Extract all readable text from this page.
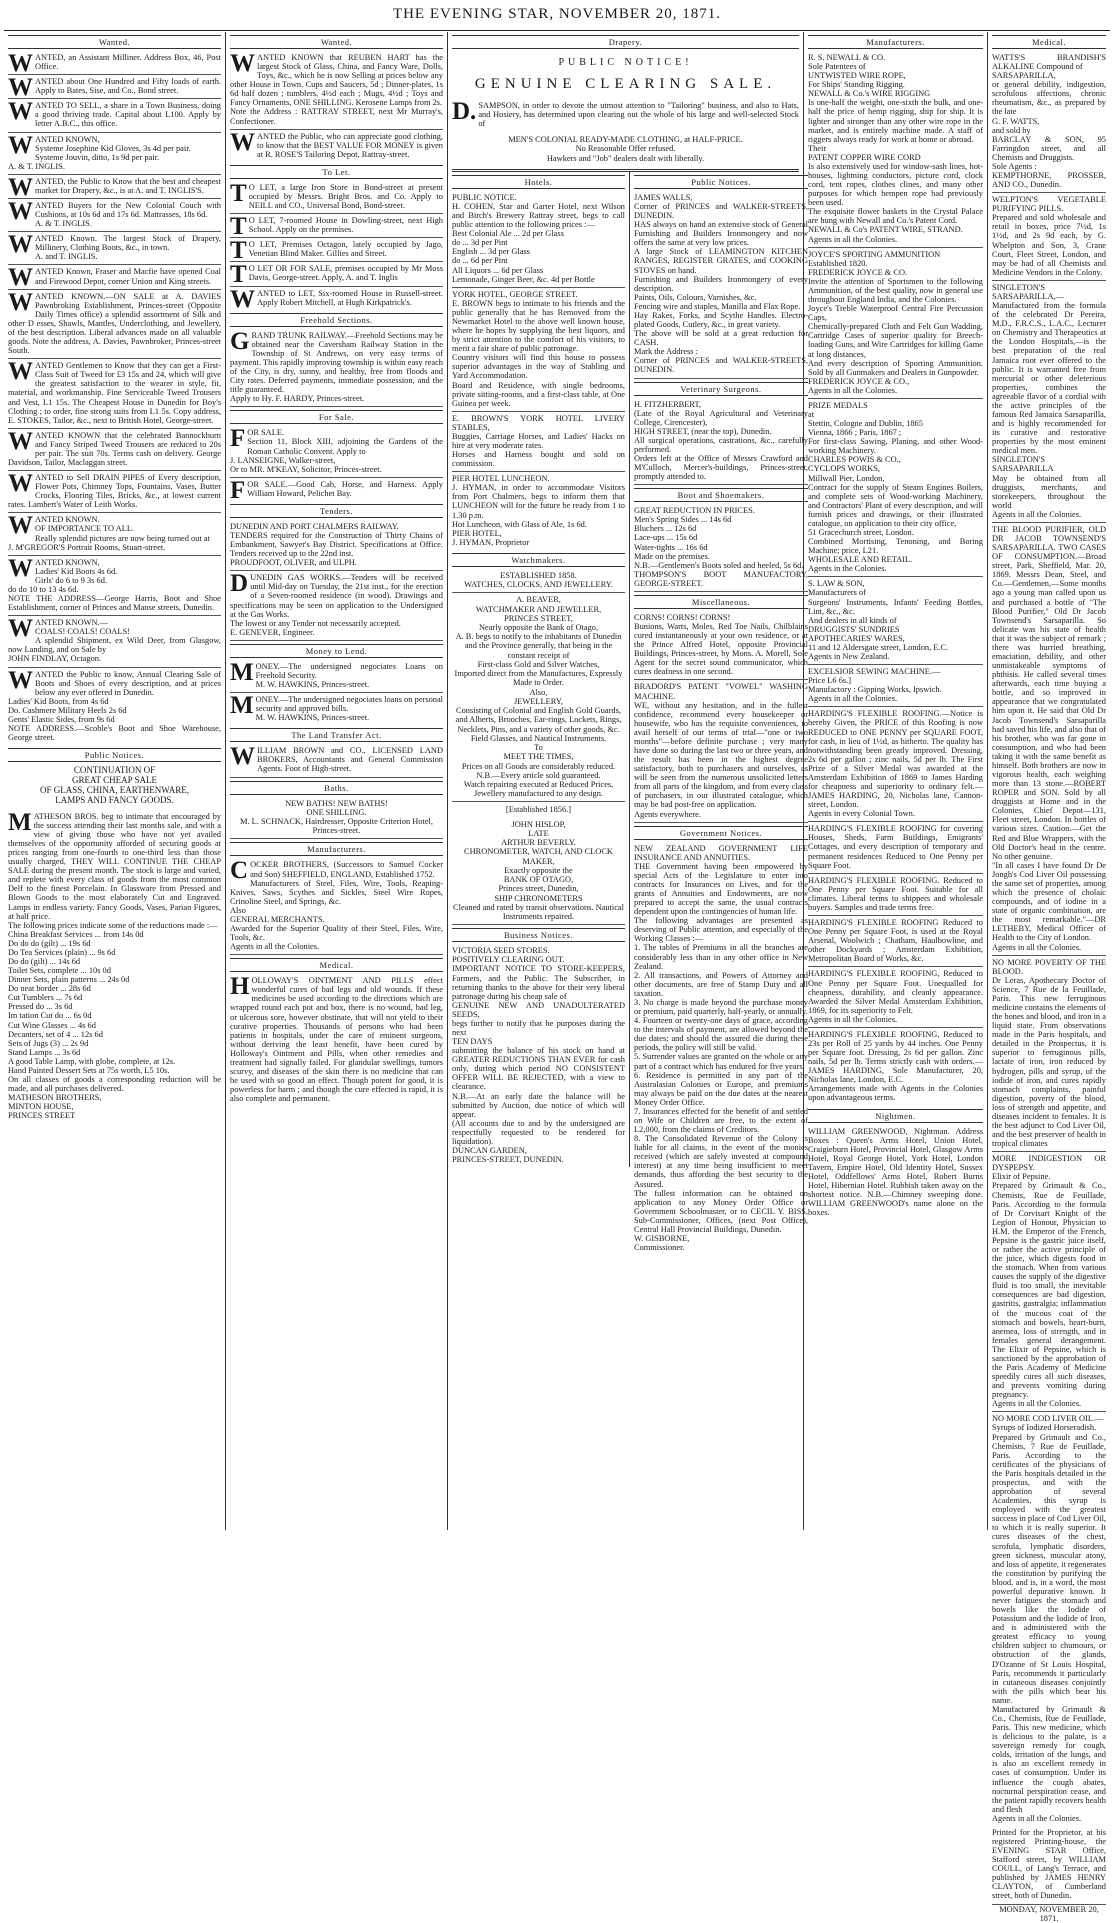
THE EVENING STAR, NOVEMBER 20, 1871.
Wanted.
WANTED, an Assistant Milliner. Address Box, 46, Post Office.
WANTED about One Hundred and Fifty loads of earth. Apply to Bates, Sise, and Co., Bond street.
WANTED TO SELL, a share in a Town Business, doing a good thriving trade. Capital about L100. Apply by letter A.B.C., this office.
WANTED KNOWN,
Systeme Josephine Kid Gloves, 3s 4d per pair.
Systeme Jouvin, ditto, 1s 9d per pair.
A. & T. INGLIS.
WANTED, the Public to Know that the best and cheapest market for Drapery, &c., is at A. and T. INGLIS'S.
WANTED Buyers for the New Colonial Couch with Cushions, at 10s 6d and 17s 6d. Mattrasses, 18s 6d.
A. & T. INGLIS.
WANTED Known. The largest Stock of Drapery, Millinery, Clothing Boots, &c., in town.
A. and T. INGLIS.
WANTED Known, Fraser and Macfie have opened Coal and Firewood Depot, corner Union and King streets.
WANTED KNOWN.—ON SALE at A. DAVIES Pawnbroking Establishment, Princes-street (Opposite Daily Times office) a splendid assortment of Silk and other D esses, Shawls, Mantles, Underclothing, and Jewellery, of the best description. Liberal advances made on all valuable goods. Note the address, A. Davies, Pawnbroker, Princes-street South.
WANTED Gentlemen to Know that they can get a First-Class Suit of Tweed for £3 15s and 24, which will give the greatest satisfaction to the wearer in style, fit, material, and workmanship. Fine Serviceable Tweed Trousers and Vest, L1 15s. The Cheapest House in Dunedin for Boy's Clothing ; to order, fine strong suits from L1 5s. Copy address, E. STOKES, Tailor, &c., next to British Hotel, George-street.
WANTED KNOWN that the celebrated Bannockburn and Fancy Striped Tweed Trousers are reduced to 20s per pair. The suit 70s. Terms cash on delivery. George Davidson, Tailor, Maclaggan street.
WANTED to Sell DRAIN PIPES of Every description, Flower Pots, Chimney Tops, Fountains, Vases, Butter Crocks, Flooring Tiles, Bricks, &c., at lowest current rates. Lambert's Water of Leith Works.
WANTED KNOWN.
OF IMPORTANCE TO ALL.
Really splendid pictures are now being turned out at
J. M'GREGOR'S Portrait Rooms, Stuart-street.
WANTED KNOWN,
Ladies' Kid Boots 4s 6d.
Girls' do 6 to 9 3s 6d.
do do 10 to 13 4s 6d.
NOTE THE ADDRESS—George Harris, Boot and Shoe Establishment, corner of Princes and Manse streets, Dunedin.
WANTED KNOWN.—
COALS! COALS! COALS!
A splendid Shipment, ex Wild Deer, from Glasgow, now Landing, and on Sale by
JOHN FINDLAY, Octagon.
WANTED the Public to know, Annual Clearing Sale of Boots and Shoes of every description, and at prices below any ever offered in Dunedin.
Ladies' Kid Boots, from 4s 6d
Do. Cashmere Military Heels 2s 6d
Gents' Elastic Sides, from 9s 6d
NOTE ADDRESS.—Scoble's Boot and Shoe Warehouse, George street.
Public Notices.
CONTINUATION OF
GREAT CHEAP SALE
OF GLASS, CHINA, EARTHENWARE,
LAMPS AND FANCY GOODS.
MATHESON BROS. beg to intimate that encouraged by the success attending their last months sale, and with a view of giving those who have not yet availed themselves of the opportunity afforded of securing goods at prices ranging from one-fourth to one-third less than those usually charged, THEY WILL CONTINUE THE CHEAP SALE during the present month. The stock is large and varied, and replete with every class of goods from the most common Delf to the finest Porcelain. In Glassware from Pressed and Blown Goods to the most elaborately Cut and Engraved. Lamps in endless variety. Fancy Goods, Vases, Parian Figures, at half price.
The following prices indicate some of the reductions made :—
China Breakfast Services ... from 14s 0d
Do do do (gilt) ... 19s 6d
Do Tea Services (plain) ... 9s 6d
Do do (gilt) ... 14s 6d
Toilet Sets, complete ... 10s 0d
Dinner Sets, plain patterns ... 24s 0d
Do neat border ... 28s 6d
Cut Tumblers ... 7s 6d
Pressed do ... 3s 6d
Im tation Cut do ... 6s 0d
Cut Wine Glasses ... 4s 6d
Decanters, set of 4 ... 12s 6d
Sets of Jugs (3) ... 2s 9d
Stand Lamps ... 3s 6d
A good Table Lamp, with globe, complete, at 12s.
Hand Painted Dessert Sets at 75s worth, L5 10s.
On all classes of goods a corresponding reduction will be made, and all purchases delivered.
MATHESON BROTHERS,
MINTON HOUSE,
PRINCES STREET
Wanted.
WANTED KNOWN that REUBEN HART has the largest Stock of Glass, China, and Fancy Ware, Dolls, Toys, &c., which he is now Selling at prices below any other House in Town. Cups and Saucers, 5d ; Dinner-plates, 1s 6d half dozen ; tumblers, 4½d each ; Mugs, 4½d ; Toys and Fancy Ornaments, ONE SHILLING. Kerosene Lamps from 2s.
Note the Address : RATTRAY STREET, next Mr Murray's, Confectioner.
WANTED the Public, who can appreciate good clothing, to know that the BEST VALUE FOR MONEY is given at R. ROSE'S Tailoring Depot, Rattray-street.
To Let.
T O LET, a large Iron Store in Bond-street at present occupied by Messrs. Bright Bros. and Co. Apply to NEILL and CO., Universal Bond, Bond-street.
T O LET, 7-roomed House in Dowling-street, next High School. Apply on the premises.
T O LET, Premises Octagon, lately occupied by Jago, Venetian Blind Maker. Gillies and Street.
T O LET OR FOR SALE, premises occupied by Mr Moss Davis, George-street. Apply, A. and T. Inglis
WANTED to LET, Six-roomed House in Russell-street. Apply Robert Mitchell, at Hugh Kirkpatrick's.
Freehold Sections.
GRAND TRUNK RAILWAY.—Freehold Sections may be obtained near the Caversham Railway Station in the Township of St Andrews, on very easy terms of payment. This rapidly improving township is within easy reach of the City, is dry, sunny, and healthy, free from floods and City rates. Deferred payments, immediate possession, and the title guaranteed.
Apply to Hy. F. HARDY, Princes-street.
For Sale.
FOR SALE.
Section 11, Block XIII, adjoining the Gardens of the Roman Catholic Convent. Apply to
J. LANSEIGNE, Walker-street,
Or to MR. M'KEAY, Solicitor, Princes-street.
FOR SALE.—Good Cab, Horse, and Harness. Apply William Howard, Pelichet Bay.
Tenders.
DUNEDIN AND PORT CHALMERS RAILWAY.
TENDERS required for the Construction of Thirty Chains of Embankment, Sawyer's Bay District. Specifications at Office. Tenders received up to the 22nd inst.
PROUDFOOT, OLIVER, and ULPH.
DUNEDIN GAS WORKS.—Tenders will be received until Mid-day on Tuesday, the 21st inst., for the erection of a Seven-roomed residence (in wood). Drawings and specifications may be seen on application to the Undersigned at the Gas Works.
The lowest or any Tender not necessarily accepted.
E. GENEVER, Engineer.
Money to Lend.
MONEY.—The undersigned negociates Loans on Freehold Security.
M. W. HAWKINS, Princes-street.
MONEY.—The undersigned negociates loans on personal security and approved bills.
M. W. HAWKINS, Princes-street.
The Land Transfer Act.
WILLIAM BROWN and CO., LICENSED LAND BROKERS, Accountants and General Commission Agents. Foot of High-street.
Baths.
NEW BATHS! NEW BATHS!
ONE SHILLING.
M. L. SCHNACK, Hairdresser, Opposite Criterion Hotel, Princes-street.
Manufacturers.
COCKER BROTHERS, (Successors to Samuel Cocker and Son) SHEFFIELD, ENGLAND, Established 1752.
Manufacturers of Steel, Files, Wire, Tools, Reaping-Knives, Saws, Scythes and Sickles, Steel Wire Ropes, Crinoline Steel, and Springs, &c.
Also
GENERAL MERCHANTS.
Awarded for the Superior Quality of their Steel, Files, Wire, Tools, &c.
Agents in all the Colonies.
Medical.
HOLLOWAY'S OINTMENT AND PILLS effect wonderful cures of bad legs and old wounds. If these medicines be used according to the directions which are wrapped round each pot and box, there is no wound, bad leg, or ulcerous sore, however obstinate, that will not yield to their curative properties. Thousands of persons who had been patients in hospitals, under the care of eminent surgeons, without deriving the least benefit, have been cured by Holloway's Ointment and Pills, when other remedies and treatment had signally failed. For glandular swellings, tumors scurvy, and diseases of the skin there is no medicine that can be used with so good an effect. Though potent for good, it is powerless for harm ; and though the cure effected is rapid, it is also complete and permanent.
Drapery.
PUBLIC NOTICE!
GENUINE CLEARING SALE.
D. SAMPSON, in order to devote the utmost attention to "Tailoring" business, and also to Hats, and Hosiery, has determined upon clearing out the whole of his large and well-selected Stock of
MEN'S COLONIAL READY-MADE CLOTHING, at HALF-PRICE.
No Reasonable Offer refused.
Hawkers and "Job" dealers dealt with liberally.
Hotels.
PUBLIC NOTICE.
H. COHEN, Star and Garter Hotel, next Wilson and Birch's Brewery Rattray street, begs to call public attention to the following prices :—
Best Colonial Ale ... 2d per Glass
do ... 3d per Pint
English ... 3d per Glass
do ... 6d per Pint
All Liquors ... 6d per Glass
Lemonade, Ginger Beer, &c. 4d per Bottle
YORK HOTEL, GEORGE STREET.
E. BROWN begs to intimate to his friends and the public generally that he has Removed from the Newmarket Hotel to the above well known house, where he hopes by supplying the best liquors, and by strict attention to the comfort of his visitors, to merit a fair share of public patronage.
Country visitors will find this house to possess superior advantages in the way of Stabling and Yard Accommodation.
Board and Residence, with single bedrooms, private sitting-rooms, and a first-class table, at One Guinea per week.
E. BROWN'S YORK HOTEL LIVERY STABLES,
Buggies, Carriage Horses, and Ladies' Hacks on hire at very moderate rates.
Horses and Harness bought and sold on commission.
PIER HOTEL LUNCHEON.
J. HYMAN, in order to accommodate Visitors from Port Chalmers, begs to inform them that LUNCHEON will for the future be ready from 1 to 1.30 p.m.
Hot Luncheon, with Glass of Ale, 1s 6d.
PIER HOTEL,
J. HYMAN, Proprietor
Watchmakers.
ESTABLISHED 1858.
WATCHES, CLOCKS, AND JEWELLERY.
A. BEAVER,
WATCHMAKER AND JEWELLER,
PRINCES STREET,
Nearly opposite the Bank of Otago,
A. B. begs to notify to the inhabitants of Dunedin and the Province generally, that being in the constant receipt of
First-class Gold and Silver Watches,
Imported direct from the Manufactures, Expressly Made to Order.
Also,
JEWELLERY,
Consisting of Colonial and English Gold Guards, and Alberts, Brooches, Ear-rings, Lockets, Rings, Necklets, Pins, and a variety of other goods, &c.
Field Glasses, and Nautical Instruments.
To
MEET THE TIMES,
Prices on all Goods are considerably reduced.
N.B.—Every article sold guaranteed.
Watch repairing executed at Reduced Prices,
Jewellery manufactured to any design.
[Established 1856.]
JOHN HISLOP,
LATE
ARTHUR BEVERLY.
CHRONOMETER, WATCH, AND CLOCK MAKER,
Exactly opposite the
BANK OF OTAGO,
Princes street, Dunedin,
SHIP CHRONOMETERS
Cleaned and rated by transit observations. Nautical Instruments repaired.
Business Notices.
VICTORIA SEED STORES.
POSITIVELY CLEARING OUT.
IMPORTANT NOTICE TO STORE-KEEPERS, Farmers, and the Public. The Subscriber, in returning thanks to the above for their very liberal patronage during his cheap sale of
GENUINE NEW AND UNADULTERATED SEEDS,
begs further to notify that he purposes during the next
TEN DAYS
submitting the balance of his stock on hand at GREATER REDUCTIONS THAN EVER for cash only, during which period NO CONSISTENT OFFER WILL BE REJECTED, with a view to clearance.
N.B.—At an early date the balance will be submitted by Auction, due notice of which will appear.
(All accounts due to and by the undersigned are respectfully requested to be rendered for liquidation).
DUNCAN GARDEN,
PRINCES-STREET, DUNEDIN.
Public Notices.
JAMES WALLS,
Corner of PRINCES and WALKER-STREETS, DUNEDIN.
HAS always on hand an extensive stock of General Furnishing and Builders Ironmongery and now offers the same at very low prices.
A large Stock of LEAMINGTON KITCHEN RANGES, REGISTER GRATES, and COOKING STOVES on hand.
Furnishing and Builders Ironmongery of every description.
Paints, Oils, Colours, Varnishes, &c.
Fencing wire and staples, Manilla and Flax Rope.
Hay Rakes, Forks, and Scythe Handles. Electro-plated Goods, Cutlery, &c., in great variety.
The above will be sold at a great reduction for CASH.
Mark the Address :
Corner of PRINCES and WALKER-STREETS, DUNEDIN.
Veterinary Surgeons.
H. FITZHERBERT,
(Late of the Royal Agricultural and Veterinary College, Cirencester),
HIGH STREET, (near the top), Dunedin.
All surgical operations, castrations, &c., carefully performed.
Orders left at the Office of Messrs Crawford and M'Culloch, Mercer's-buildings, Princes-street, promptly attended to.
Boot and Shoemakers.
GREAT REDUCTION IN PRICES.
Men's Spring Sides ... 14s 6d
Bluchers ... 12s 6d
Lace-ups ... 15s 6d
Water-tights ... 16s 6d
Made on the premises.
N.B.—Gentlemen's Boots soled and heeled, 5s 6d.
THOMPSON'S BOOT MANUFACTORY, GEORGE-STREET.
Miscellaneous.
CORNS! CORNS! CORNS!
Bunions, Warts, Moles, Red Toe Nails, Chilblains cured instantaneously at your own residence, or at the Prince Alfred Hotel, opposite Provincial Buildings, Princes-street, by Mons. A. Morell, Sole Agent for the secret sound communicator, which cures deafness in one second.
BRADORD'S PATENT "VOWEL" WASHING MACHINE.
WE, without any hesitation, and in the fullest confidence, recommend every housekeeper or housewife, who has the requisite conveniences, to avail herself of our terms of trial—"one or two months"—before definite purchase ; very many have done so during the last two or three years, and the result has been in the highest degree satisfactory, both to purchasers and ourselves, as will be seen from the numerous unsolicited letters from all parts of the kingdom, and from every class of purchasers, in our illustrated catalogue, which may be had post-free on application.
Agents everywhere.
Government Notices.
NEW ZEALAND GOVERNMENT LIFE INSURANCE AND ANNUITIES.
THE Government having been empowered by special Acts of the Legislature to enter into contracts for Insurances on Lives, and for the grants of Annuities and Endowments, are now prepared to accept the same, the usual contracts dependent upon the contingencies of human life.
The following advantages are presented as deserving of Public attention, and especially of the Working Classes :—
1. The tables of Premiums in all the branches are considerably less than in any other office in New Zealand.
2. All transactions, and Powers of Attorney and other documents, are free of Stamp Duty and all taxation.
3. No charge is made beyond the purchase money or premium, paid quarterly, half-yearly, or annually.
4. Fourteen or twenty-one days of grace, according to the intervals of payment, are allowed beyond the due dates; and should the assured die during these periods, the policy will still be valid.
5. Surrender values are granted on the whole or any part of a contract which has endured for five years.
6. Residence is permitted in any part of the Australasian Colonies or Europe, and premiums may always be paid on the due dates at the nearest Money Order Office.
7. Insurances effected for the benefit of and settled on Wife or Children are free, to the extent of L2,000, from the claims of Creditors.
8. The Consolidated Revenue of the Colony is liable for all claims, in the event of the monies received (which are safely invested at compound interest) at any time being insufficient to meet demands, thus affording the best security to the Assured.
The fullest information can be obtained on application to any Money Order Office or Government Schoolmaster, or to CECIL Y. BISS, Sub-Commissioner, Offices, (next Post Office), Central Hall Provincial Buildings, Dunedin.
W. GISBORNE,
Commissioner.
Manufacturers.
R. S. NEWALL & CO.
Sole Patentees of
UNTWISTED WIRE ROPE,
For Ships' Standing Rigging.
NEWALL & Co.'s WIRE RIGGING
Is one-half the weight, one-sixth the bulk, and one-half the price of hemp rigging, ship for ship. It is lighter and stronger than any other wire rope in the market, and is entirely machine made. A staff of riggers always ready for work at home or abroad.
Their
PATENT COPPER WIRE CORD
Is also extensively used for window-sash lines, hot-houses, lightning conductors, picture cord, clock cord, tent ropes, clothes clines, and many other purposes for which hempen rope had previously been used.
The exquisite flower baskets in the Crystal Palace are hung with Newall and Co.'s Patent Cord.
NEWALL & Co's PATENT WIRE, STRAND.
Agents in all the Colonies.
JOYCE'S SPORTING AMMUNITION
Established 1820.
FREDERICK JOYCE & CO.
Invite the attention of Sportsmen to the following Ammunition, of the best quality, now in general use throughout England India, and the Colonies.
Joyce's Treble Waterproof Central Fire Percussion Caps,
Chemically-prepared Cloth and Felt Gun Wadding, Cartridge Cases of superior quality for Breech-loading Guns, and Wire Cartridges for killing Game at long distances,
And every description of Sporting Ammunition. Sold by all Gunmakers and Dealers in Gunpowder.
FREDERICK JOYCE & CO.,
Agents in all the Colonies.
PRIZE MEDALS
at
Stettin, Cologne and Dublin, 1865
Vienna, 1866 ; Paris, 1867 ;
For first-class Sawing, Planing, and other Wood-working Machinery.
CHARLES POWIS & CO.,
CYCLOPS WORKS,
Millwall Pier, London,
Contract for the supply of Steam Engines Boilers, and complete sets of Wood-working Machinery, and Contractors' Plant of every description, and will furnish prices and drawings, or their illustrated catalogue, on application to their city office,
51 Gracechurch street, London.
Combined Mortising, Tenoning, and Boring Machine; price, L21.
WHOLESALE AND RETAIL.
Agents in the Colonies.
S. LAW & SON,
Manufacturers of
Surgeons' Instruments, Infants' Feeding Bottles, Lint, &c., &c.
And dealers in all kinds of
DRUGGISTS' SUNDRIES
APOTHECARIES' WARES,
11 and 12 Aldersgate street, London, E.C.
Agents in New Zealand.
EXCELSIOR SEWING MACHINE.—
Price L6 6s.]
Manufactory : Gipping Works, Ipswich.
Agents in all the Colonies.
HARDING'S FLEXIBLE ROOFING.—Notice is hereby Given, the PRICE of this Roofing is now REDUCED to ONE PENNY per SQUARE FOOT, for cash, in lieu of 1½d, as hitherto. The quality has notwithstanding been greatly improved. Dressing, 2s 6d per gallon ; zinc nails, 5d per lb. The First Prize of a Silver Medal was awarded at the Amsterdam Exhibition of 1869 to James Harding for cheapness and superiority to ordinary felt.—JAMES HARDING, 20, Nicholas lane, Cannon-street, London.
Agents in every Colonial Town.
HARDING'S FLEXIBLE ROOFING for covering Houses, Sheds, Farm Buildings, Emigrants' Cottages, and every description of temporary and permanent residences Reduced to One Penny per Square Foot.
HARDING'S FLEXIBLE ROOFING. Reduced to One Penny per Square Foot. Suitable for all climates. Liberal terms to shippers and wholesale buyers. Samples and trade terms free.
HARDING'S FLEXIBLE ROOFING Reduced to One Penny per Square Foot, is used at the Royal Arsenal, Woolwich ; Chatham, Haulbowline, and other Dockyards ; Amsterdam Exhibition, Metropolitan Board of Works, &c.
HARDING'S FLEXIBLE ROOFING, Reduced to One Penny per Square Foot. Unequalled for cheapness, durability, and cleanly appearance. Awarded the Silver Medal Amsterdam Exhibition, 1869, for its superiority to Felt.
Agents in all the Colonies.
HARDING'S FLEXIBLE ROOFING, Reduced to 23s per Roll of 25 yards by 44 inches. One Penny per Square foot. Dressing, 2s 6d per gallon. Zinc nails, 5d per lb. Terms strictly cash with orders.—JAMES HARDING, Sole Manufacturer, 20, Nicholas lane, London, E.C.
Arrangements made with Agents in the Colonies upon advantageous terms.
Nightmen.
WILLIAM GREENWOOD, Nightman. Address Boxes : Queen's Arms Hotel, Union Hotel, Craigieburn Hotel, Provincial Hotel, Glasgow Arms Hotel, Royal George Hotel, York Hotel, London Tavern, Empire Hotel, Old Identity Hotel, Sussex Hotel, Oddfellows' Arms Hotel, Robert Burns Hotel, Hibernian Hotel. Rubbish taken away on the shortest notice. N.B.—Chimney sweeping done. WILLIAM GREENWOOD's name alone on the boxes.
Medical.
WATTS'S BRANDISH'S ALKALINE Compound of
SARSAPARILLA,
or general debility, indigestion, scrofulous affections, chronic rheumatism, &c., as prepared by the late
G. F. WATTS,
and sold by
BARCLAY & SON, 95 Farringdon street, and all Chemists and Druggists.
Sole Agents :
KEMPTHORNE, PROSSER, AND CO., Dunedin.
WELPTON'S VEGETABLE PURIFYING PILLS.
Prepared and sold wholesale and retail in boxes, price 7½d, 1s 1½d, and 2s 9d each, by G. Whelpton and Son, 3, Crane Court, Fleet Street, London, and may be had of all Chemists and Medicine Vendors in the Colony.
SINGLETON'S SARSAPARILLA,—Manufactured from the formula of the celebrated Dr Pereira, M.D., F.R.C.S., L.A.C., Lecturer on Chemistry and Therapeutics at the London Hospitals,—is the best preparation of the real Jamaica root ever offered to the public. It is warranted free from mercurial or other deleterious properties, combines the agreeable flavor of a cordial with the active principles of the famous Red Jamaica Sarsaparilla, and is highly recommended for its curative and restorative properties by the most eminent medical men.
SINGLETON'S SARSAPARILLA
May be obtained from all druggists, merchants, and storekeepers, throughout the world
Agents in all the Colonies.
THE BLOOD PURIFIER, OLD DR JACOB TOWNSEND'S SARSAPARILLA. TWO CASES OF CONSUMPTION.—Broad street, Park, Sheffield, Mar. 20, 1869. Messrs Dean, Steel, and Co.—Gentlemen,—Some months ago a young man called upon us and purchased a bottle of "The Blood Purifier," Old Dr Jacob Townsend's Sarsaparilla. So delicate was his state of health that it was the subject of remark ; there was hurried breathing, emaciation, debility, and other unmistakeable symptoms of phthisis. He called several times afterwards, each time buying a bottle, and so improved in appearance that we congratulated him upon it. He said that Old Dr Jacob Townsend's Sarsaparilla had saved his life, and also that of his brother, who was far gone in consumption, and who had been taking it with the same benefit as himself. Both brothers are now in vigorous health, each weighing more than 13 stone.—ROBERT ROPER and SON. Sold by all druggists at Home and in the Colonies, Chief Depot—131, Fleet street, London. In bottles of various sizes. Caution.—Get the Red and Blue Wrappers, with the Old Doctor's head in the centre. No other genuine.
"In all cases I have found Dr De Jongh's Cod Liver Oil possessing the same set of properties, among which the presence of cholaic compounds, and of iodine in a state of organic combination, are the most remarkable."—DR LETHEBY, Medical Officer of Health to the City of London.
Agents in all the Colonies.
NO MORE POVERTY OF THE BLOOD.
Dr Leras, Apothecary Doctor of Science, 7 Rue de la Feuillade, Paris. This new ferruginous medicine contains the elements of the bones and blood, and iron in a liquid state. From observations made in the Paris hospitals, and detailed in the Prospectus, it is superior to ferruginous pills, lactate of iron, iron reduced by hydrogen, pills and syrup, of the iodide of iron, and cures rapidly stomach complaints, painful digestion, poverty of the blood, loss of strength and appetite, and diseases incident to females. It is the best adjunct to Cod Liver Oil, and the best preserver of health in tropical climates
MORE INDIGESTION OR DYSPEPSY.
Elixir of Pepsine.
Prepared by Grimault & Co., Chemists, Rue de Feuillade, Paris. According to the formula of Dr Corvisart Knight of the Legion of Honour, Physician to H.M. the Emperor of the French, Pepsine is the gastric juice itself, or rather the active principle of the juice, which digests food in the stomach. When from various causes the supply of the digestive fluid is too small, the inevitable consequences are bad digestion, gastritis, gastralgia; inflammation of the mucous coat of the stomach and bowels, heart-burn, anemea, loss of strength, and in females general derangement. The Elixir of Pepsine, which is sanctioned by the approbation of the Paris Academy of Medicine speedily cures all such diseases, and prevents vomiting during pregnancy.
Agents in all the Colonies.
NO MORE COD LIVER OIL.—
Syrups of Iodized Horseradish.
Prepared by Grimault and Co., Chemists, 7 Rue de Feuillade, Paris. According to the certificates of the physicians of the Paris hospitals detailed in the prospectus, and with the approbation of several Academies, this syrup is employed with the greatest success in place of Cod Liver Oil, to which it is really superior. It cures diseases of the chest, scrofula, lymphatic disorders, green sickness, muscular atony, and loss of appetite, it regenerates the constitution by purifying the blood, and is, in a word, the most powerful depurative known. It never fatigues the stomach and bowels like the Iodide of Potassium and the Iodide of Iron, and is administered with the greatest efficacy to young children subject to chumours, or obstruction of the glands, D'Ozanne of St Louis Hospital, Paris, recommends it particularly in cutaneous diseases conjointly with the pills which bear his name.
Manufactured by Grimault & Co., Chemists, Rue de Feuillade, Paris. This new medicine, which is delicious to the palate, is a sovereign remedy for cough, colds, irritation of the lungs, and is also an excellent remedy in cases of consumption. Under its influence the cough abates, nocturnal perspiration cease, and the patient rapidly recovers health and flesh
Agents in all the Colonies.
Printed for the Proprietor, at his registered Printing-house, the EVENING STAR Office, Stafford street, by WILLIAM COULL, of Lang's Terrace, and published by JAMES HENRY CLAYTON, of Cumberland street, both of Dunedin.
MONDAY, NOVEMBER 20, 1871.
